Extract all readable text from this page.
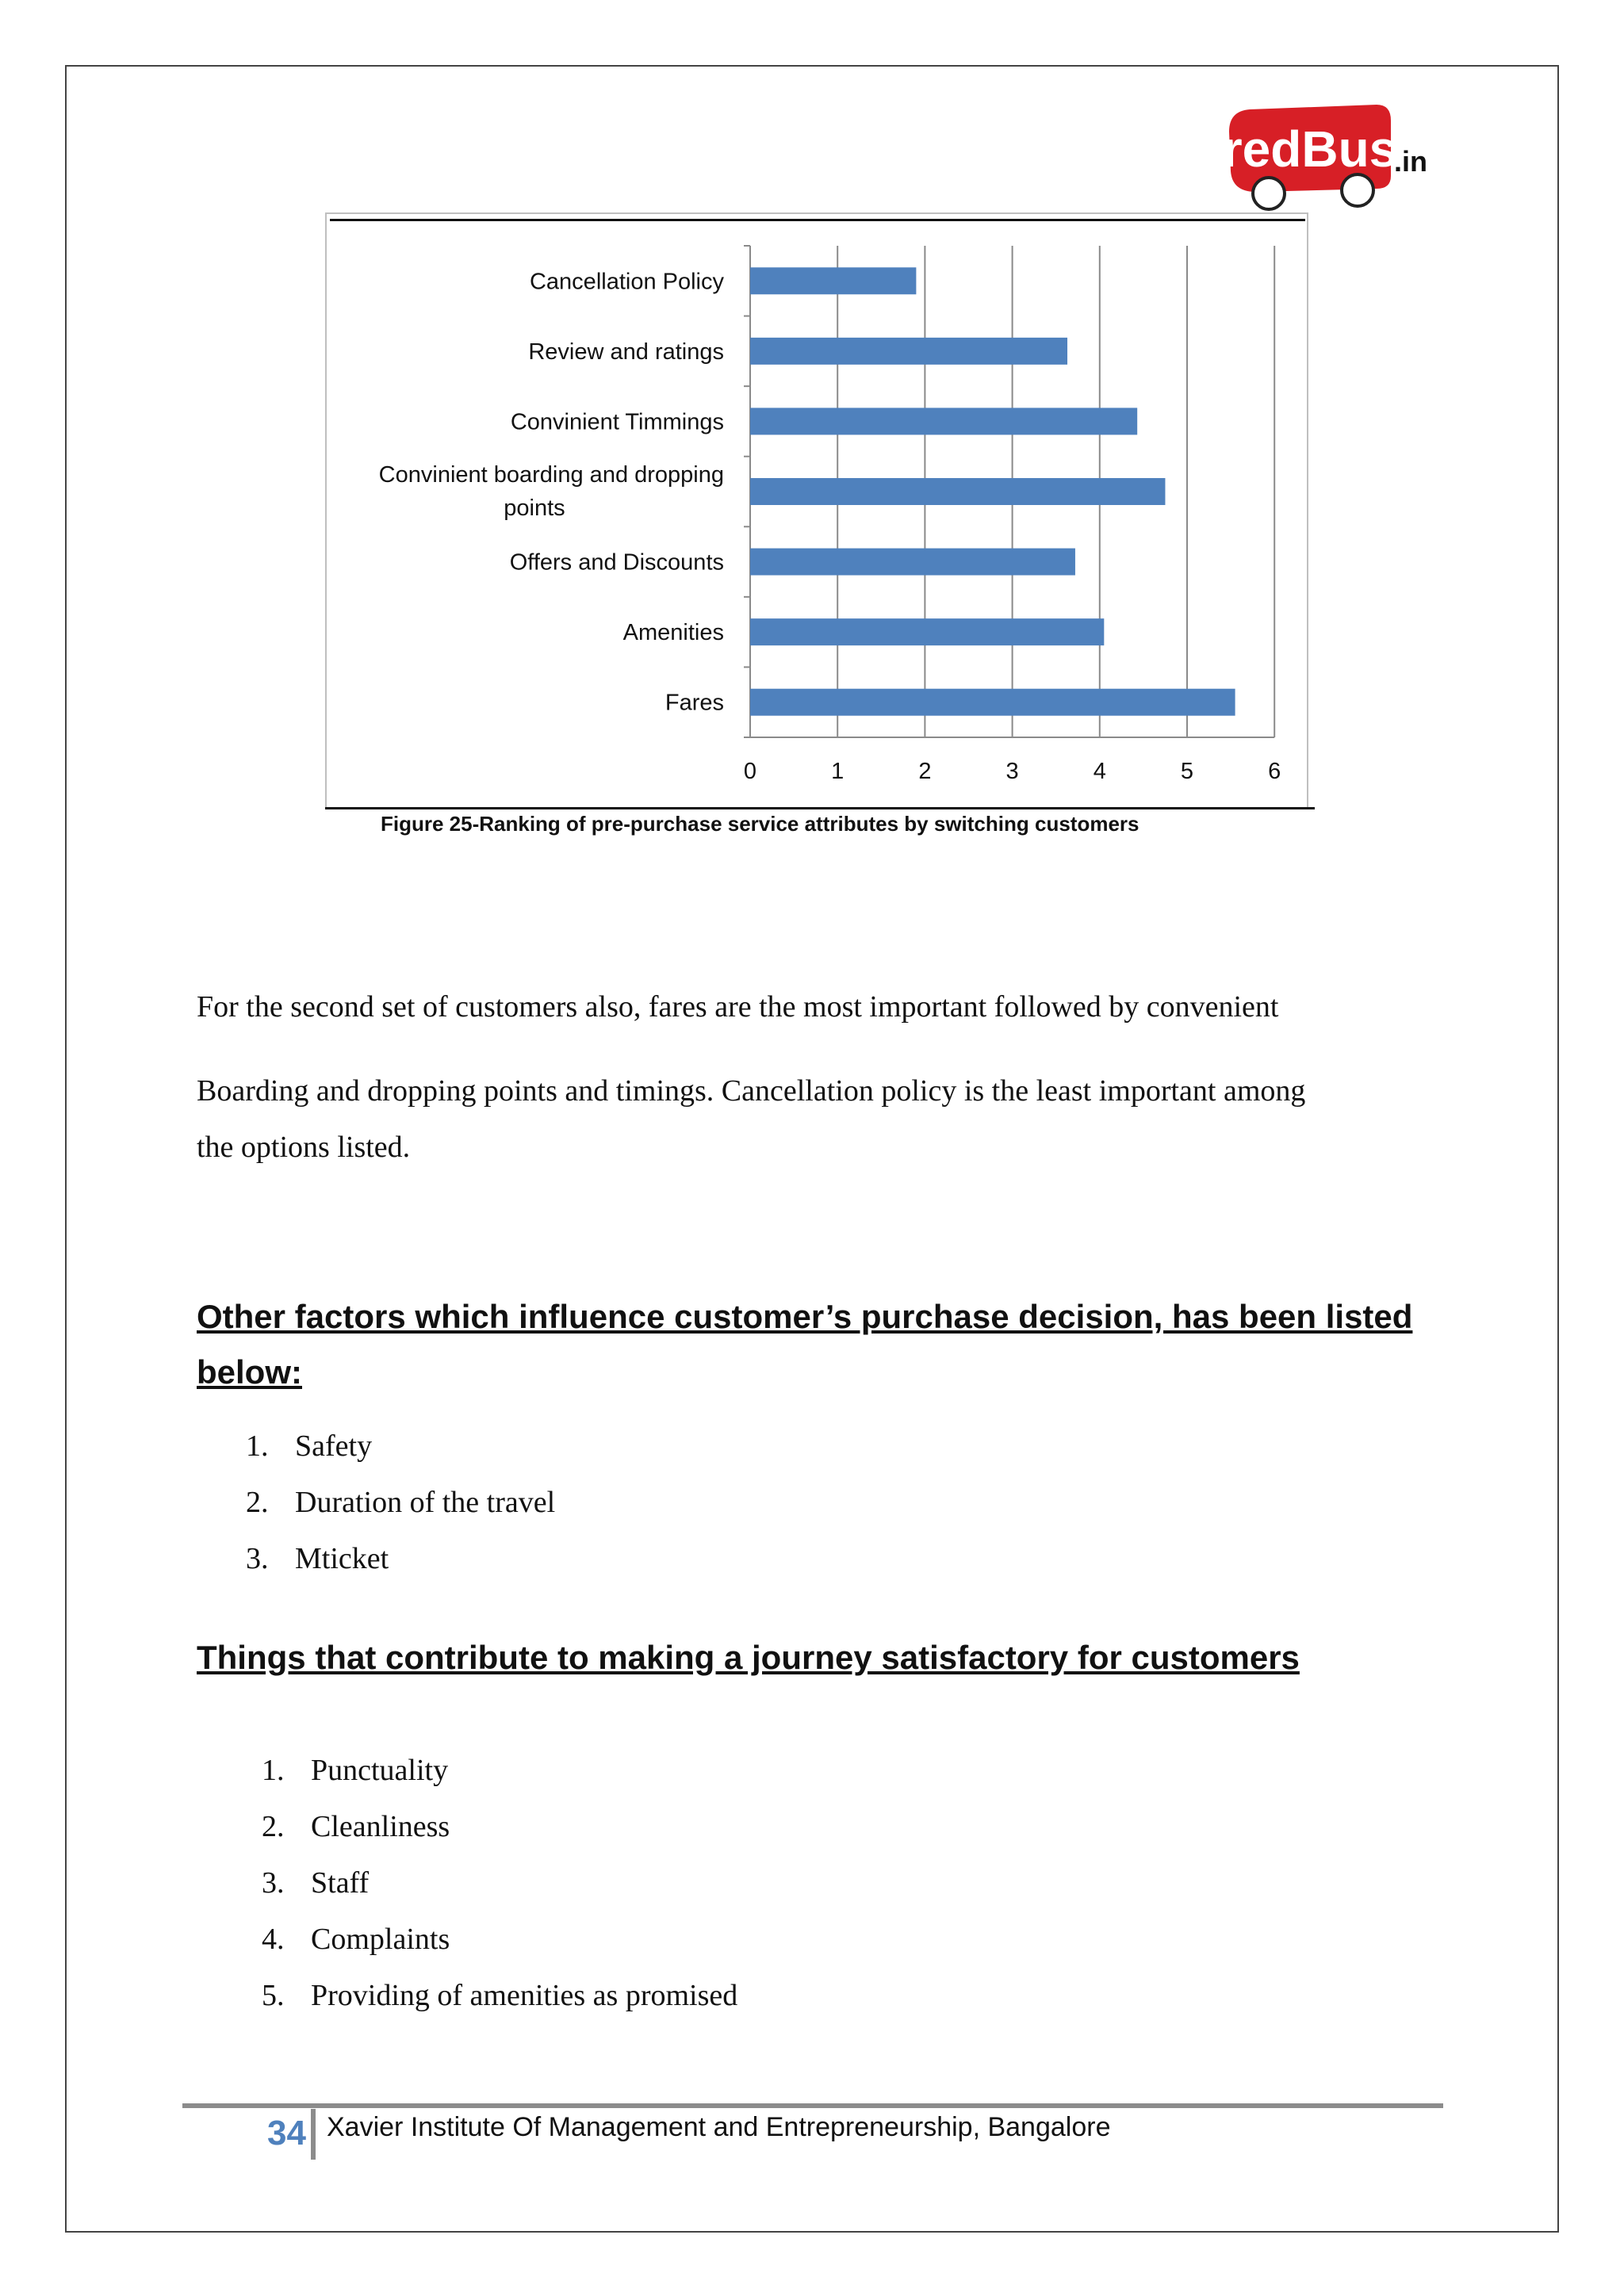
redBus
.in
Cancellation Policy
Review and ratings
Convinient Timmings
Convinient boarding and dropping
points
Offers and Discounts
Amenities
Fares
0	1	2	3	4	5	6
Figure 25-Ranking of pre-purchase service attributes by switching customers
For the second set of customers also, fares are the most important followed by convenient
Boarding and dropping points and timings. Cancellation policy is the least important among
the options listed.
Other factors which influence customer’s purchase decision, has been listed
below:
1. Safety
2. Duration of the travel
3. Mticket
Things that contribute to making a journey satisfactory for customers
1. Punctuality
2. Cleanliness
3. Staff
4. Complaints
5. Providing of amenities as promised
34 Xavier Institute Of Management and Entrepreneurship, Bangalore
